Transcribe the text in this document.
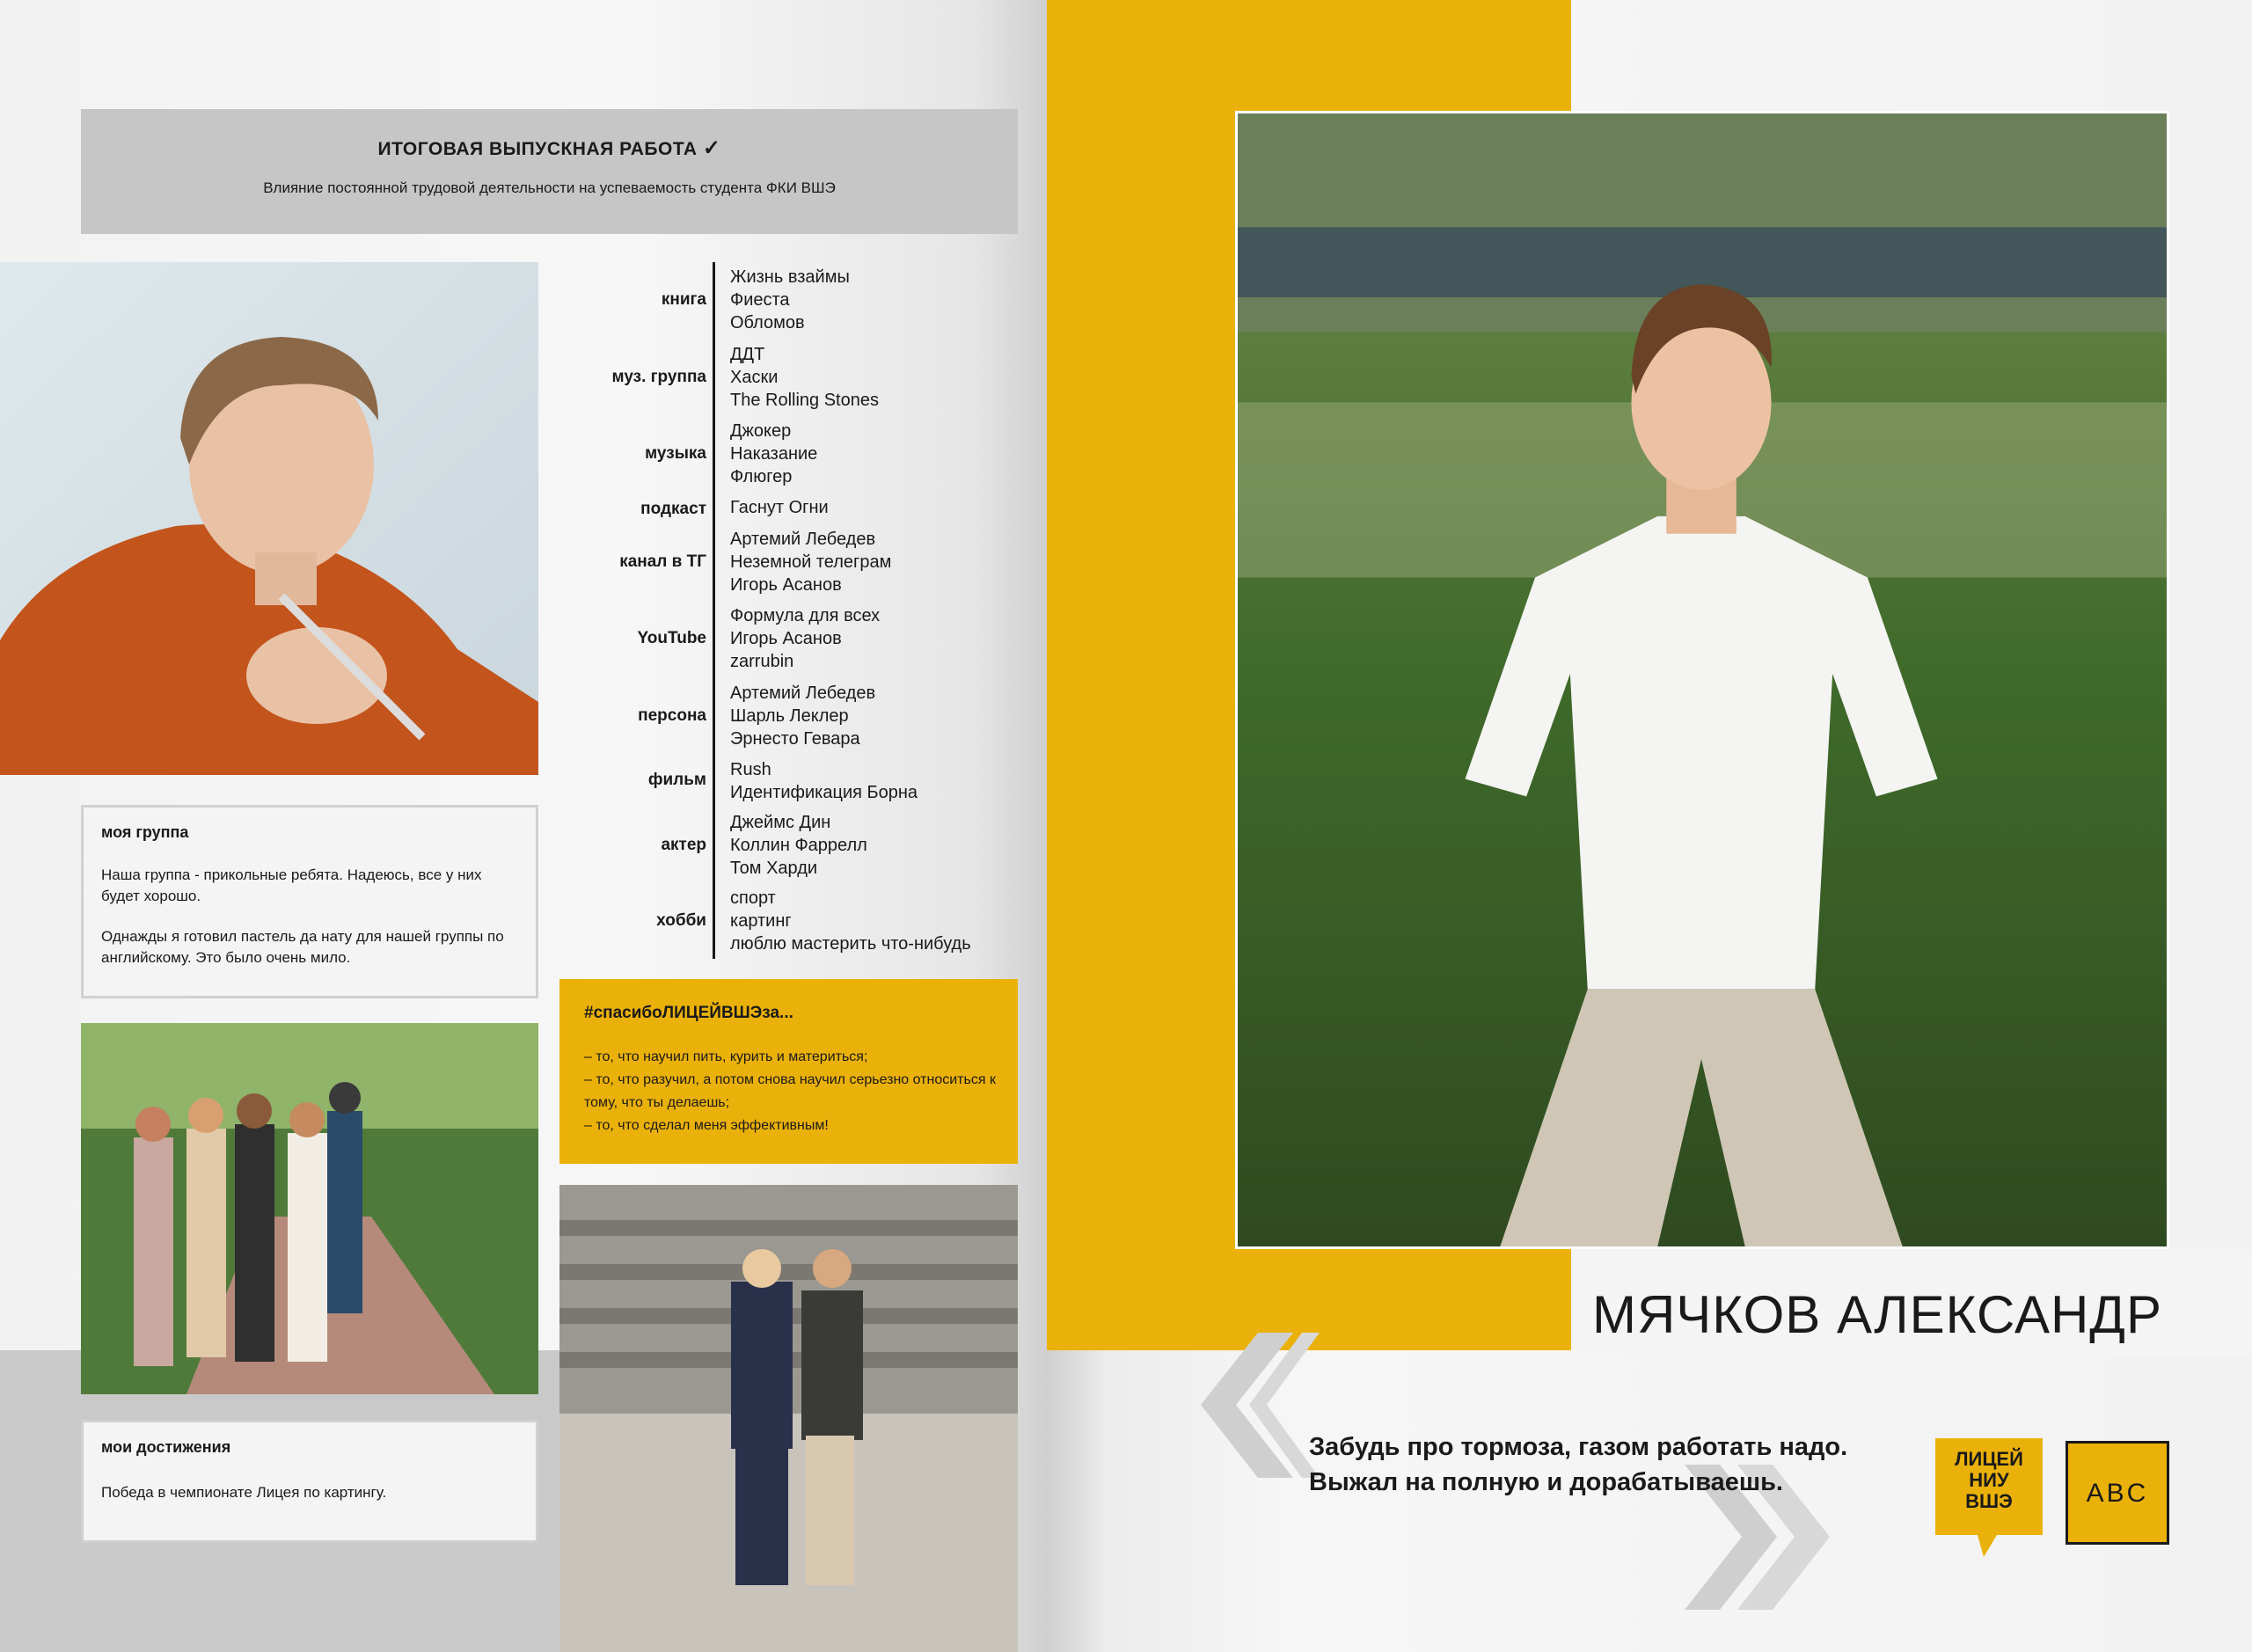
ИТОГОВАЯ ВЫПУСКНАЯ РАБОТА ✓
Влияние постоянной трудовой деятельности на успеваемость студента ФКИ ВШЭ
книга
Жизнь взаймы
Фиеста
Обломов
муз. группа
ДДТ
Хаски
The Rolling Stones
музыка
Джокер
Наказание
Флюгер
подкаст Гаснут Огни
канал в ТГ
Артемий Лебедев
Неземной телеграм
Игорь Асанов
YouTube
Формула для всех
Игорь Асанов
zarrubin
персона
Артемий Лебедев
Шарль Леклер
Эрнесто Гевара
фильм
Rush
Идентификация Борна
актер
Джеймс Дин
Коллин Фаррелл
Том Харди
хобби
спорт
картинг
люблю мастерить что-нибудь
моя группа
Наша группа - прикольные ребята. Надеюсь, все у них будет хорошо.
Однажды я готовил пастель да нату для нашей группы по английскому. Это было очень мило.
#спасибоЛИЦЕЙВШЭза...
– то, что научил пить, курить и материться;
– то, что разучил, а потом снова научил серьезно относиться к тому, что ты делаешь;
– то, что сделал меня эффективным!
мои достижения
Победа в чемпионате Лицея по картингу.
МЯЧКОВ АЛЕКСАНДР
Забудь про тормоза, газом работать надо.
Выжал на полную и дорабатываешь.
ЛИЦЕЙ
НИУ
ВШЭ	ABC
